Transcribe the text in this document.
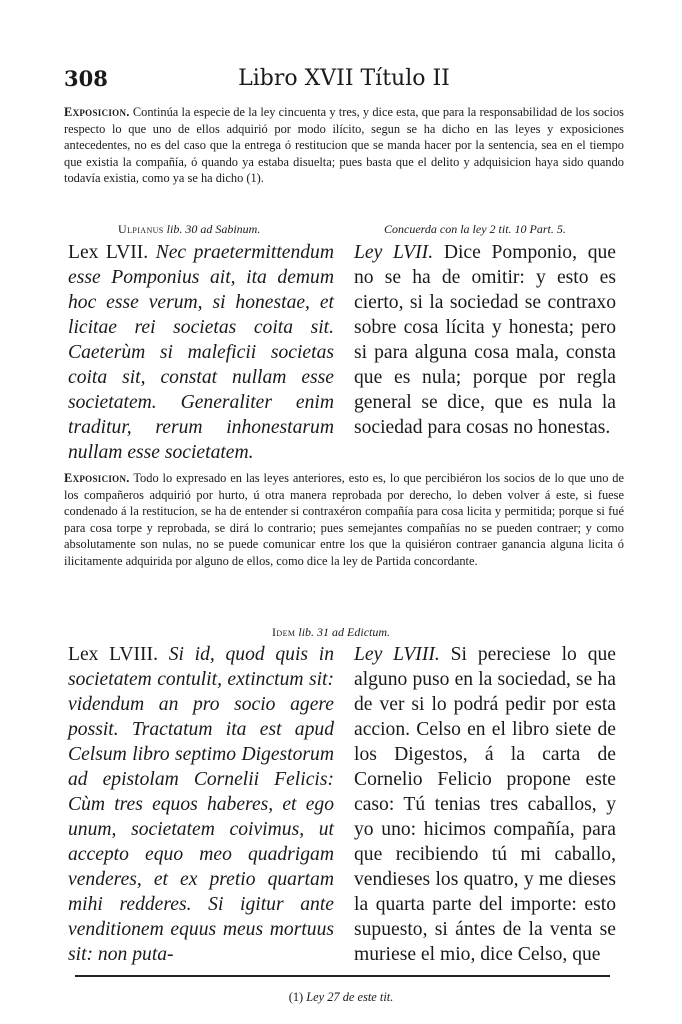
308	Libro XVII Título II
Exposicion. Continúa la especie de la ley cincuenta y tres, y dice esta, que para la responsabilidad de los socios respecto lo que uno de ellos adquirió por modo ilícito, segun se ha dicho en las leyes y exposiciones antecedentes, no es del caso que la entrega ó restitucion que se manda hacer por la sentencia, sea en el tiempo que existia la compañía, ó quando ya estaba disuelta; pues basta que el delito y adquisicion haya sido quando todavía existia, como ya se ha dicho (1).
Ulpianus lib. 30 ad Sabinum.	Concuerda con la ley 2 tit. 10 Part. 5.
Lex LVII. Nec praetermittendum esse Pomponius ait, ita demum hoc esse verum, si honestae, et licitae rei societas coita sit. Caeterùm si maleficii societas coita sit, constat nullam esse societatem. Generaliter enim traditur, rerum inhonestarum nullam esse societatem.
Ley LVII. Dice Pomponio, que no se ha de omitir: y esto es cierto, si la sociedad se contraxo sobre cosa lícita y honesta; pero si para alguna cosa mala, consta que es nula; porque por regla general se dice, que es nula la sociedad para cosas no honestas.
Exposicion. Todo lo expresado en las leyes anteriores, esto es, lo que percibiéron los socios de lo que uno de los compañeros adquirió por hurto, ú otra manera reprobada por derecho, lo deben volver á este, si fuese condenado á la restitucion, se ha de entender si contraxéron compañía para cosa licita y permitida; porque si fué para cosa torpe y reprobada, se dirá lo contrario; pues semejantes compañías no se pueden contraer; y como absolutamente son nulas, no se puede comunicar entre los que la quisiéron contraer ganancia alguna licita ó ilicitamente adquirida por alguno de ellos, como dice la ley de Partida concordante.
Idem lib. 31 ad Edictum.
Lex LVIII. Si id, quod quis in societatem contulit, extinctum sit: videndum an pro socio agere possit. Tractatum ita est apud Celsum libro septimo Digestorum ad epistolam Cornelii Felicis: Cùm tres equos haberes, et ego unum, societatem coivimus, ut accepto equo meo quadrigam venderes, et ex pretio quartam mihi redderes. Si igitur ante venditionem equus meus mortuus sit: non puta-
Ley LVIII. Si pereciese lo que alguno puso en la sociedad, se ha de ver si lo podrá pedir por esta accion. Celso en el libro siete de los Digestos, á la carta de Cornelio Felicio propone este caso: Tú tenias tres caballos, y yo uno: hicimos compañía, para que recibiendo tú mi caballo, vendieses los quatro, y me dieses la quarta parte del importe: esto supuesto, si ántes de la venta se muriese el mio, dice Celso, que
(1) Ley 27 de este tit.
